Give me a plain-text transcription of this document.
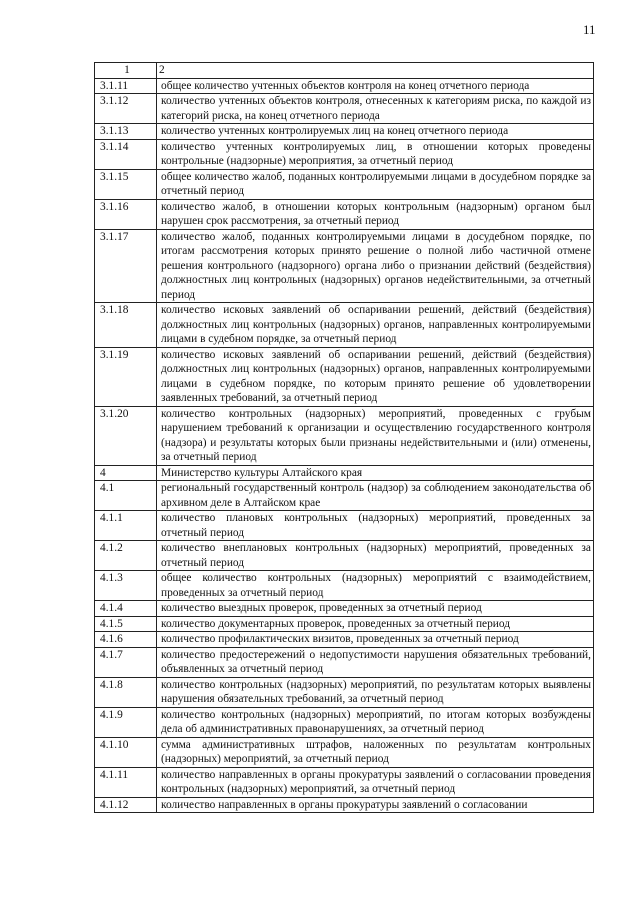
11
1	2
3.1.11	общее количество учтенных объектов контроля на конец отчетного периода
3.1.12	количество учтенных объектов контроля, отнесенных к категориям риска, по каждой из категорий риска, на конец отчетного периода
3.1.13	количество учтенных контролируемых лиц на конец отчетного периода
3.1.14	количество учтенных контролируемых лиц, в отношении которых проведены контрольные (надзорные) мероприятия, за отчетный период
3.1.15	общее количество жалоб, поданных контролируемыми лицами в досудебном порядке за отчетный период
3.1.16	количество жалоб, в отношении которых контрольным (надзорным) органом был нарушен срок рассмотрения, за отчетный период
3.1.17	количество жалоб, поданных контролируемыми лицами в досудебном порядке, по итогам рассмотрения которых принято решение о полной либо частичной отмене решения контрольного (надзорного) органа либо о признании действий (бездействия) должностных лиц контрольных (надзорных) органов недействительными, за отчетный период
3.1.18	количество исковых заявлений об оспаривании решений, действий (бездействия) должностных лиц контрольных (надзорных) органов, направленных контролируемыми лицами в судебном порядке, за отчетный период
3.1.19	количество исковых заявлений об оспаривании решений, действий (бездействия) должностных лиц контрольных (надзорных) органов, направленных контролируемыми лицами в судебном порядке, по которым принято решение об удовлетворении заявленных требований, за отчетный период
3.1.20	количество контрольных (надзорных) мероприятий, проведенных с грубым нарушением требований к организации и осуществлению государственного контроля (надзора) и результаты которых были признаны недействительными и (или) отменены, за отчетный период
4	Министерство культуры Алтайского края
4.1	региональный государственный контроль (надзор) за соблюдением законодательства об архивном деле в Алтайском крае
4.1.1	количество плановых контрольных (надзорных) мероприятий, проведенных за отчетный период
4.1.2	количество внеплановых контрольных (надзорных) мероприятий, проведенных за отчетный период
4.1.3	общее количество контрольных (надзорных) мероприятий с взаимодействием, проведенных за отчетный период
4.1.4	количество выездных проверок, проведенных за отчетный период
4.1.5	количество документарных проверок, проведенных за отчетный период
4.1.6	количество профилактических визитов, проведенных за отчетный период
4.1.7	количество предостережений о недопустимости нарушения обязательных требований, объявленных за отчетный период
4.1.8	количество контрольных (надзорных) мероприятий, по результатам которых выявлены нарушения обязательных требований, за отчетный период
4.1.9	количество контрольных (надзорных) мероприятий, по итогам которых возбуждены дела об административных правонарушениях, за отчетный период
4.1.10	сумма административных штрафов, наложенных по результатам контрольных (надзорных) мероприятий, за отчетный период
4.1.11	количество направленных в органы прокуратуры заявлений о согласовании проведения контрольных (надзорных) мероприятий, за отчетный период
4.1.12	количество направленных в органы прокуратуры заявлений о согласовании
